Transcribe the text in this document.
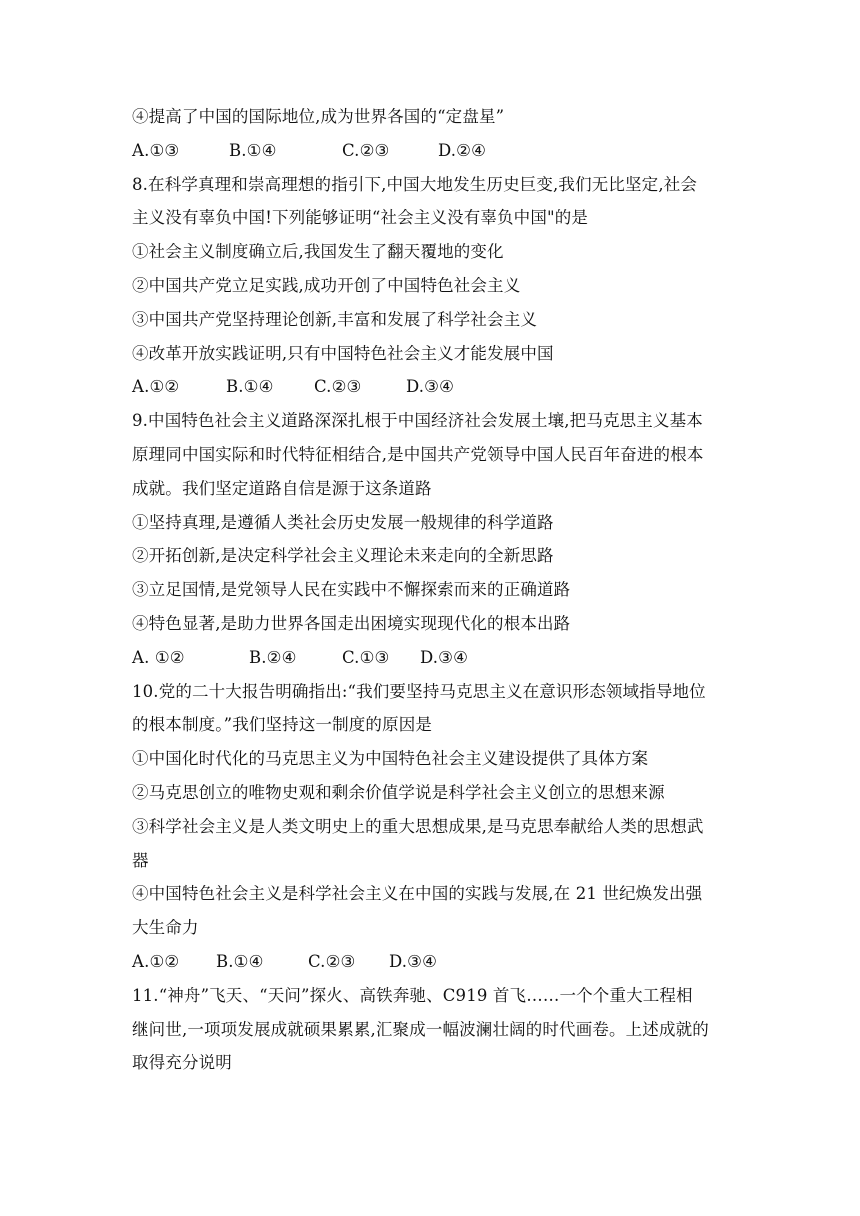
④提高了中国的国际地位,成为世界各国的“定盘星”
A.①③	B.①④	C.②③	D.②④
8.在科学真理和崇高理想的指引下,中国大地发生历史巨变,我们无比坚定,社会
主义没有辜负中国!下列能够证明“社会主义没有辜负中国"的是
①社会主义制度确立后,我国发生了翻天覆地的变化
②中国共产党立足实践,成功开创了中国特色社会主义
③中国共产党坚持理论创新,丰富和发展了科学社会主义
④改革开放实践证明,只有中国特色社会主义才能发展中国
A.①②	B.①④	C.②③	D.③④
9.中国特色社会主义道路深深扎根于中国经济社会发展土壤,把马克思主义基本
原理同中国实际和时代特征相结合,是中国共产党领导中国人民百年奋进的根本
成就。我们坚定道路自信是源于这条道路
①坚持真理,是遵循人类社会历史发展一般规律的科学道路
②开拓创新,是决定科学社会主义理论未来走向的全新思路
③立足国情,是党领导人民在实践中不懈探索而来的正确道路
④特色显著,是助力世界各国走出困境实现现代化的根本出路
A. ①②	B.②④	C.①③	D.③④
10.党的二十大报告明确指出:“我们要坚持马克思主义在意识形态领域指导地位
的根本制度。”我们坚持这一制度的原因是
①中国化时代化的马克思主义为中国特色社会主义建设提供了具体方案
②马克思创立的唯物史观和剩余价值学说是科学社会主义创立的思想来源
③科学社会主义是人类文明史上的重大思想成果,是马克思奉献给人类的思想武
器
④中国特色社会主义是科学社会主义在中国的实践与发展,在 21 世纪焕发出强
大生命力
A.①②	B.①④	C.②③	D.③④
11.“神舟”飞天、“天问”探火、高铁奔驰、C919 首飞……一个个重大工程相
继问世,一项项发展成就硕果累累,汇聚成一幅波澜壮阔的时代画卷。上述成就的
取得充分说明
